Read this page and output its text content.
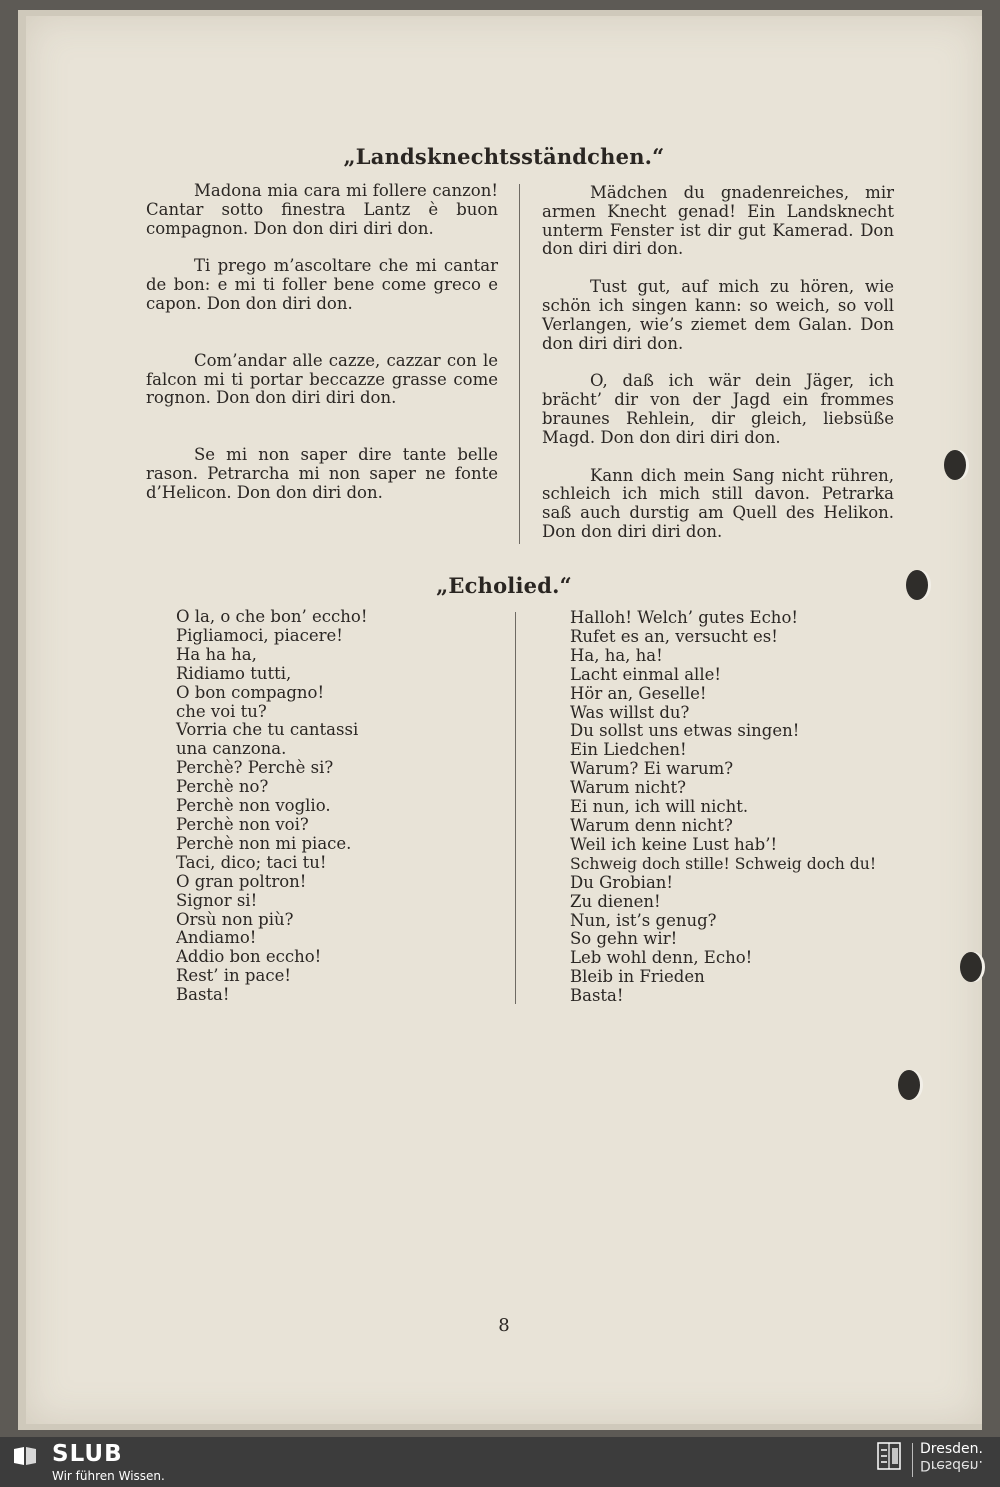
„Landsknechtsständchen.“

Madona mia cara mi follere canzon! Cantar sotto finestra Lantz è buon compagnon. Don don diri diri don.

Ti prego m’ascoltare che mi cantar de bon: e mi ti foller bene come greco e capon. Don don diri don.

Com’andar alle cazze, cazzar con le falcon mi ti portar beccazze grasse come rognon. Don don diri diri don.

Se mi non saper dire tante belle rason. Petrarcha mi non saper ne fonte d’Helicon. Don don diri don.

Mädchen du gnadenreiches, mir armen Knecht genad! Ein Landsknecht unterm Fenster ist dir gut Kamerad. Don don diri diri don.

Tust gut, auf mich zu hören, wie schön ich singen kann: so weich, so voll Verlangen, wie’s ziemet dem Galan. Don don diri diri don.

O, daß ich wär dein Jäger, ich brächt’ dir von der Jagd ein frommes braunes Rehlein, dir gleich, liebsüße Magd. Don don diri diri don.

Kann dich mein Sang nicht rühren, schleich ich mich still davon. Petrarka saß auch durstig am Quell des Helikon. Don don diri diri don.

„Echolied.“
O la, o che bon’ eccho!
Pigliamoci, piacere!
Ha ha ha,
Ridiamo tutti,
O bon compagno!
che voi tu?
Vorria che tu cantassi
una canzona.
Perchè? Perchè si?
Perchè no?
Perchè non voglio.
Perchè non voi?
Perchè non mi piace.
Taci, dico; taci tu!
O gran poltron!
Signor si!
Orsù non più?
Andiamo!
Addio bon eccho!
Rest’ in pace!
Basta!
Halloh! Welch’ gutes Echo!
Rufet es an, versucht es!
Ha, ha, ha!
Lacht einmal alle!
Hör an, Geselle!
Was willst du?
Du sollst uns etwas singen!
Ein Liedchen!
Warum? Ei warum?
Warum nicht?
Ei nun, ich will nicht.
Warum denn nicht?
Weil ich keine Lust hab’!
Schweig doch stille! Schweig doch du!
Du Grobian!
Zu dienen!
Nun, ist’s genug?
So gehn wir!
Leb wohl denn, Echo!
Bleib in Frieden
Basta!
8
SLUB
Wir führen Wissen.
Dresden.
Dresden.
